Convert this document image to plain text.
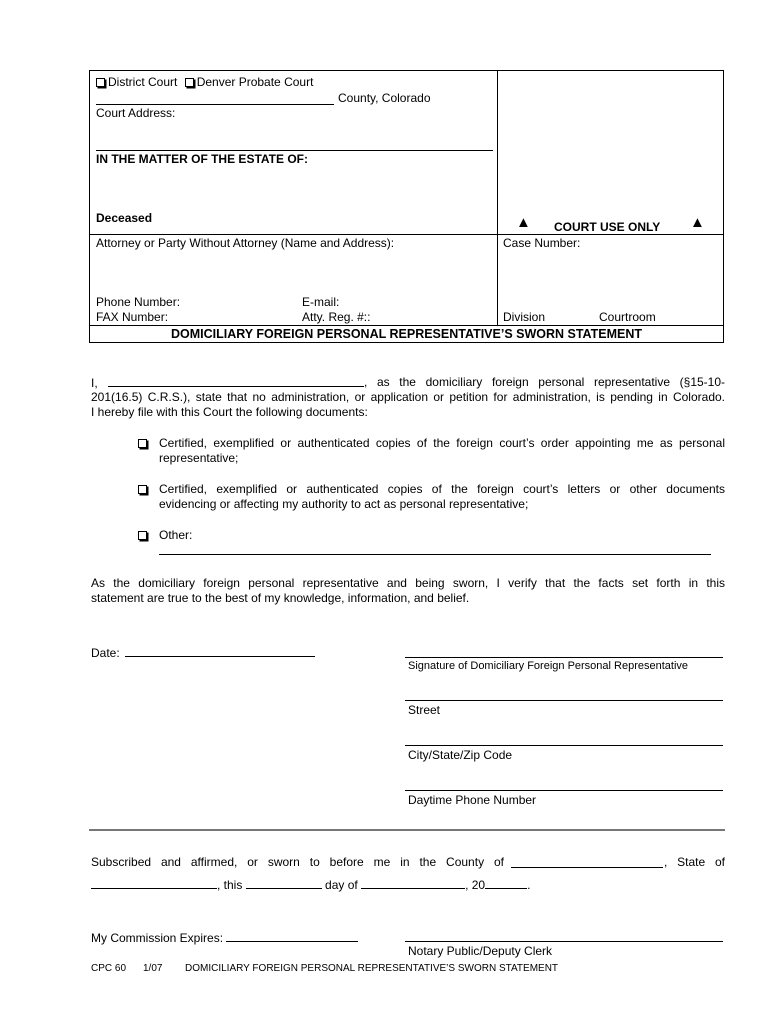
District Court Denver Probate Court
County, Colorado
Court Address:
IN THE MATTER OF THE ESTATE OF:
Deceased	▲ COURT USE ONLY ▲
Attorney or Party Without Attorney (Name and Address):	Case Number:
Phone Number:	E-mail:
FAX Number:	Atty. Reg. #::	Division	Courtroom
DOMICILIARY FOREIGN PERSONAL REPRESENTATIVE’S SWORN STATEMENT
I,	, as the domiciliary foreign personal representative (§15-10-
201(16.5) C.R.S.), state that no administration, or application or petition for administration, is pending in Colorado.
I hereby file with this Court the following documents:
Certified, exemplified or authenticated copies of the foreign court’s order appointing me as personal
representative;
Certified, exemplified or authenticated copies of the foreign court’s letters or other documents
evidencing or affecting my authority to act as personal representative;
Other:
As the domiciliary foreign personal representative and being sworn, I verify that the facts set forth in this
statement are true to the best of my knowledge, information, and belief.
Date:
Signature of Domiciliary Foreign Personal Representative
Street
City/State/Zip Code
Daytime Phone Number
Subscribed and affirmed, or sworn to before me in the County of	, State of
, this	day of	, 20	.
My Commission Expires:
Notary Public/Deputy Clerk
CPC 60 1/07 DOMICILIARY FOREIGN PERSONAL REPRESENTATIVE’S SWORN STATEMENT
